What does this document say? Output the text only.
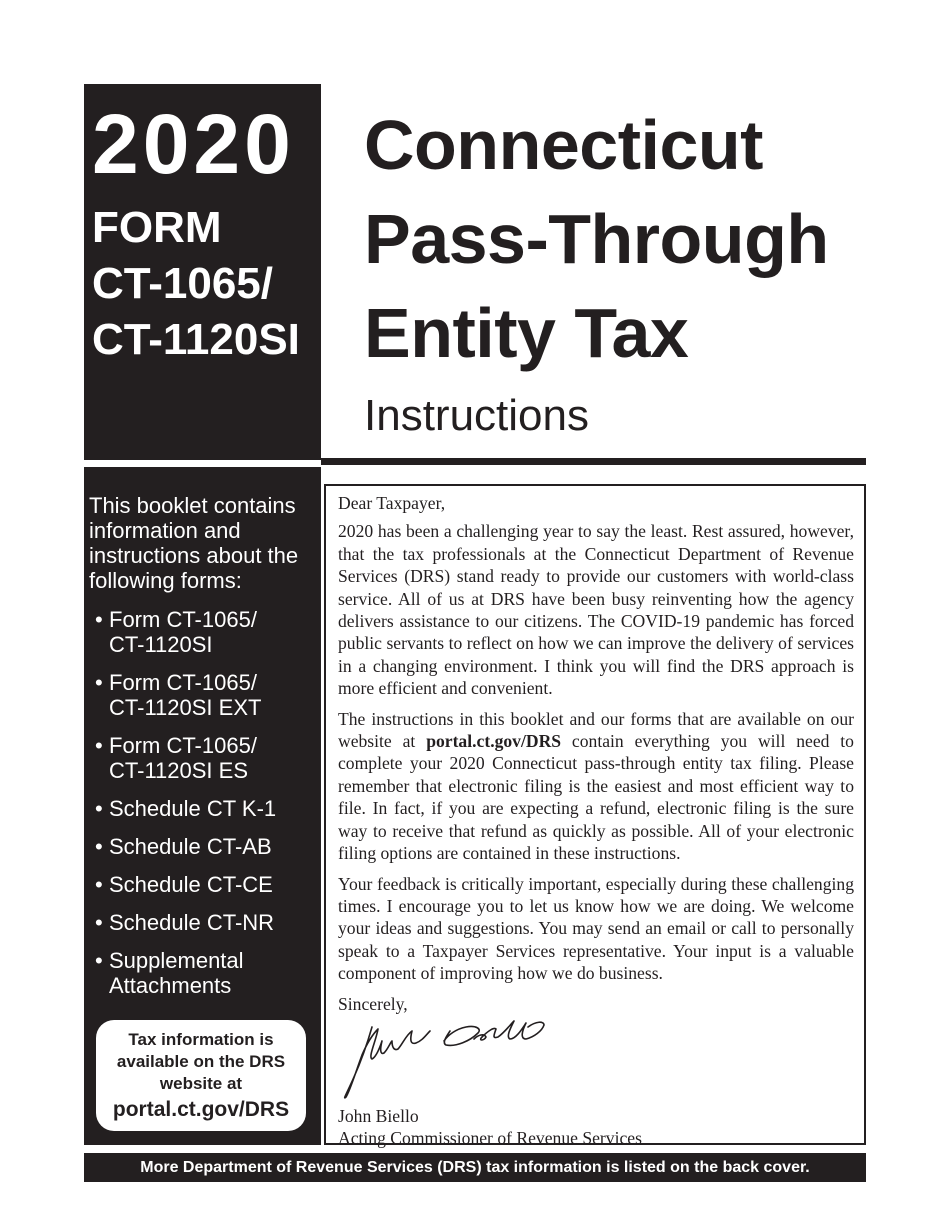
2020

FORM

CT-1065/

CT-1120SI

Connecticut

Pass-Through

Entity Tax

Instructions

This booklet contains information and instructions about the following forms:

• Form CT-1065/
CT-1120SI
• Form CT-1065/
CT-1120SI EXT
• Form CT-1065/
CT-1120SI ES
• Schedule CT K-1
• Schedule CT-AB
• Schedule CT-CE
• Schedule CT-NR
• Supplemental
Attachments

Tax information is available on the DRS website at

portal.ct.gov/DRS

Dear Taxpayer,

2020 has been a challenging year to say the least. Rest assured, however, that the tax professionals at the Connecticut Department of Revenue Services (DRS) stand ready to provide our customers with world-class service. All of us at DRS have been busy reinventing how the agency delivers assistance to our citizens. The COVID-19 pandemic has forced public servants to reflect on how we can improve the delivery of services in a changing environment. I think you will find the DRS approach is more efficient and convenient.

The instructions in this booklet and our forms that are available on our website at portal.ct.gov/DRS contain everything you will need to complete your 2020 Connecticut pass-through entity tax filing. Please remember that electronic filing is the easiest and most efficient way to file. In fact, if you are expecting a refund, electronic filing is the sure way to receive that refund as quickly as possible. All of your electronic filing options are contained in these instructions.

Your feedback is critically important, especially during these challenging times. I encourage you to let us know how we are doing. We welcome your ideas and suggestions. You may send an email or call to personally speak to a Taxpayer Services representative. Your input is a valuable component of improving how we do business.

Sincerely,

John Biello

Acting Commissioner of Revenue Services

More Department of Revenue Services (DRS) tax information is listed on the back cover.
